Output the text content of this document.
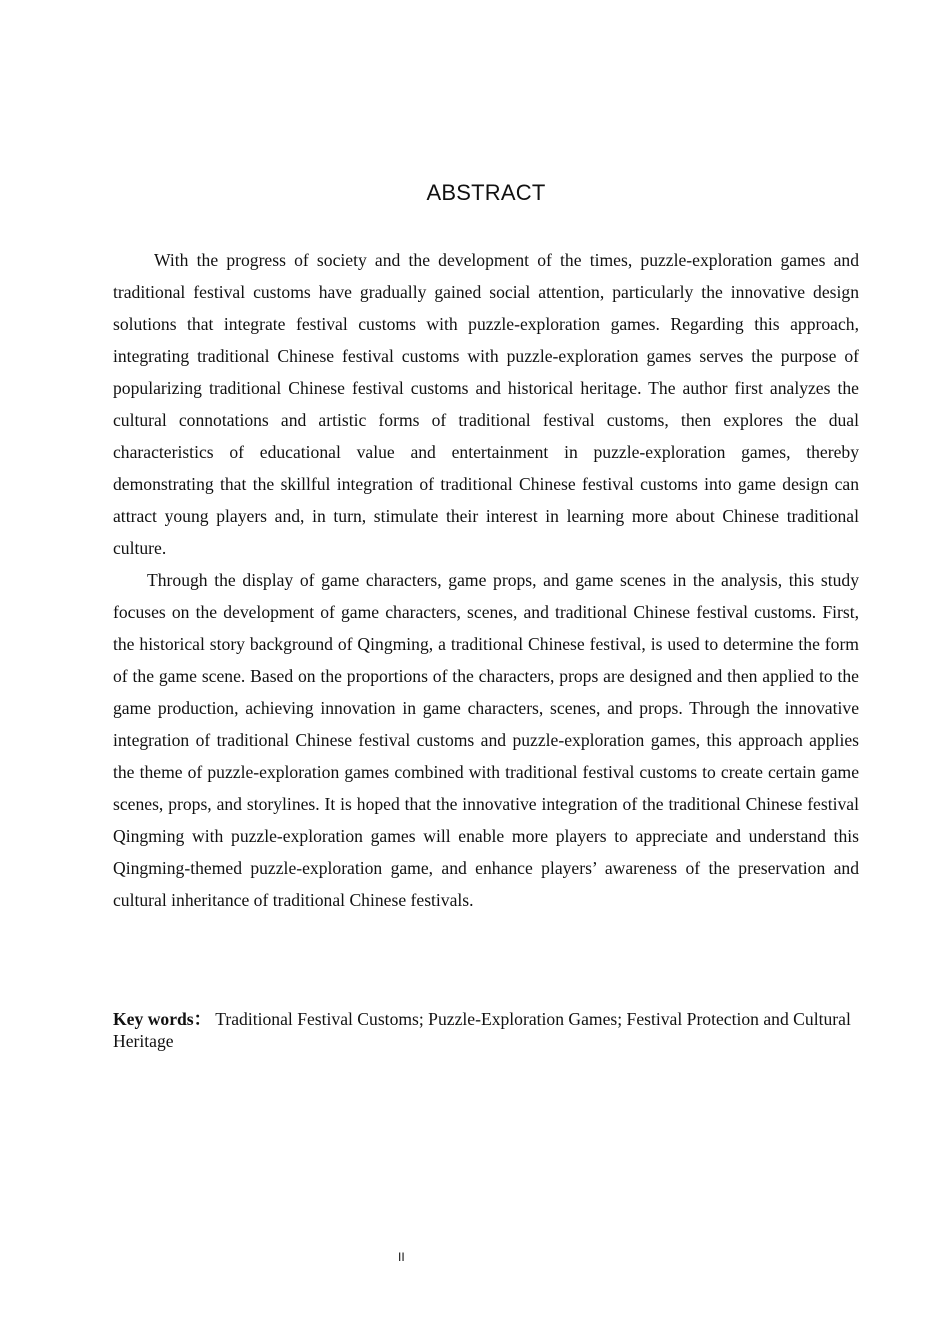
ABSTRACT

With the progress of society and the development of the times, puzzle-exploration games and traditional festival customs have gradually gained social attention, particularly the innovative design solutions that integrate festival customs with puzzle-exploration games. Regarding this approach, integrating traditional Chinese festival customs with puzzle-exploration games serves the purpose of popularizing traditional Chinese festival customs and historical heritage. The author first analyzes the cultural connotations and artistic forms of traditional festival customs, then explores the dual characteristics of educational value and entertainment in puzzle-exploration games, thereby demonstrating that the skillful integration of traditional Chinese festival customs into game design can attract young players and, in turn, stimulate their interest in learning more about Chinese traditional culture.

Through the display of game characters, game props, and game scenes in the analysis, this study focuses on the development of game characters, scenes, and traditional Chinese festival customs. First, the historical story background of Qingming, a traditional Chinese festival, is used to determine the form of the game scene. Based on the proportions of the characters, props are designed and then applied to the game production, achieving innovation in game characters, scenes, and props. Through the innovative integration of traditional Chinese festival customs and puzzle-exploration games, this approach applies the theme of puzzle-exploration games combined with traditional festival customs to create certain game scenes, props, and storylines. It is hoped that the innovative integration of the traditional Chinese festival Qingming with puzzle-exploration games will enable more players to appreciate and understand this Qingming-themed puzzle-exploration game, and enhance players’ awareness of the preservation and cultural inheritance of traditional Chinese festivals.

Key words： Traditional Festival Customs; Puzzle-Exploration Games; Festival Protection and Cultural Heritage

II
